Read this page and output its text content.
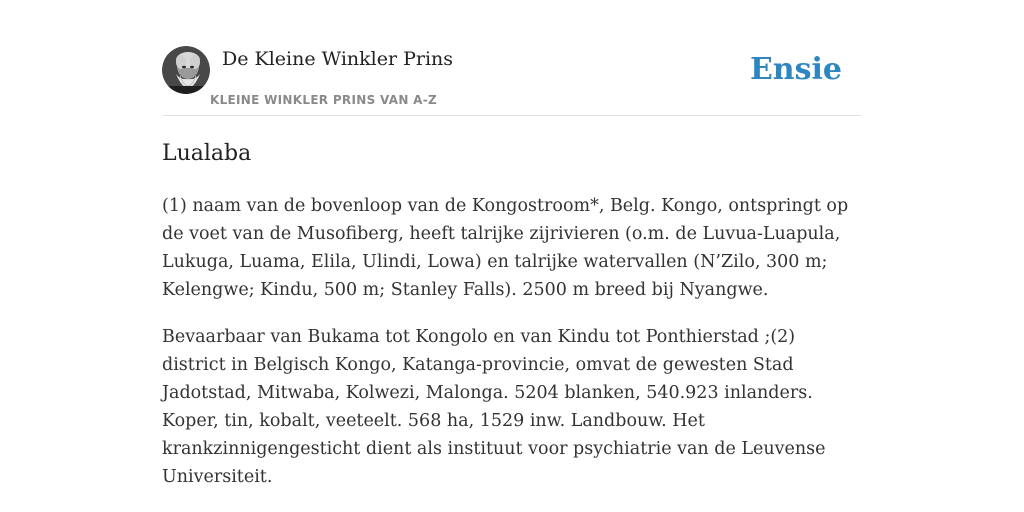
De Kleine Winkler Prins
KLEINE WINKLER PRINS VAN A-Z
Ensie
Lualaba

(1) naam van de bovenloop van de Kongostroom*, Belg. Kongo, ontspringt op de voet van de Musofiberg, heeft talrijke zijrivieren (o.m. de Luvua-Luapula, Lukuga, Luama, Elila, Ulindi, Lowa) en talrijke watervallen (N’Zilo, 300 m; Kelengwe; Kindu, 500 m; Stanley Falls). 2500 m breed bij Nyangwe.

Bevaarbaar van Bukama tot Kongolo en van Kindu tot Ponthierstad ;(2) district in Belgisch Kongo, Katanga-provincie, omvat de gewesten Stad Jadotstad, Mitwaba, Kolwezi, Malonga. 5204 blanken, 540.923 inlanders. Koper, tin, kobalt, veeteelt. 568 ha, 1529 inw. Landbouw. Het krankzinnigengesticht dient als instituut voor psychiatrie van de Leuvense Universiteit.
